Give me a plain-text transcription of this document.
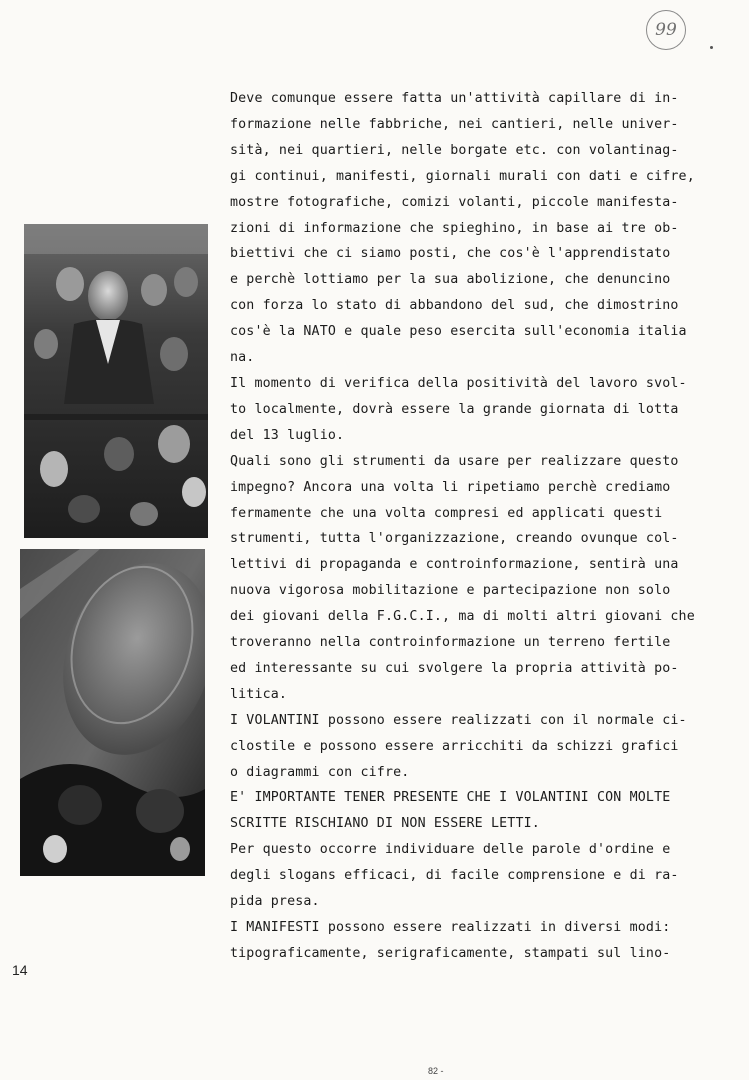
99

Deve comunque essere fatta un'attività capillare di in-

formazione nelle fabbriche, nei cantieri, nelle univer-

sità, nei quartieri, nelle borgate etc. con volantinag-

gi continui, manifesti, giornali murali con dati e cifre,

mostre fotografiche, comizi volanti, piccole manifesta-

zioni di informazione che spieghino, in base ai tre ob-

biettivi che ci siamo posti, che cos'è l'apprendistato

e perchè lottiamo per la sua abolizione, che denuncino

con forza lo stato di abbandono del sud, che dimostrino

cos'è la NATO e quale peso esercita sull'economia italia

na.

Il momento di verifica della positività del lavoro svol-

to localmente, dovrà essere la grande giornata di lotta

del 13 luglio.

Quali sono gli strumenti da usare per realizzare questo

impegno? Ancora una volta li ripetiamo perchè crediamo

fermamente che una volta compresi ed applicati questi

strumenti, tutta l'organizzazione, creando ovunque col-

lettivi di propaganda e controinformazione, sentirà una

nuova vigorosa mobilitazione e partecipazione non solo

dei giovani della F.G.C.I., ma di molti altri giovani che

troveranno nella controinformazione un terreno fertile

ed interessante su cui svolgere la propria attività po-

litica.

I VOLANTINI possono essere realizzati con il normale ci-

clostile e possono essere arricchiti da schizzi grafici

o diagrammi con cifre.

E' IMPORTANTE TENER PRESENTE CHE I VOLANTINI CON MOLTE

SCRITTE RISCHIANO DI NON ESSERE LETTI.

Per questo occorre individuare delle parole d'ordine e

degli slogans efficaci, di facile comprensione e di ra-

pida presa.

I MANIFESTI possono essere realizzati in diversi modi:

tipograficamente, serigraficamente, stampati sul lino-

14
82 -
